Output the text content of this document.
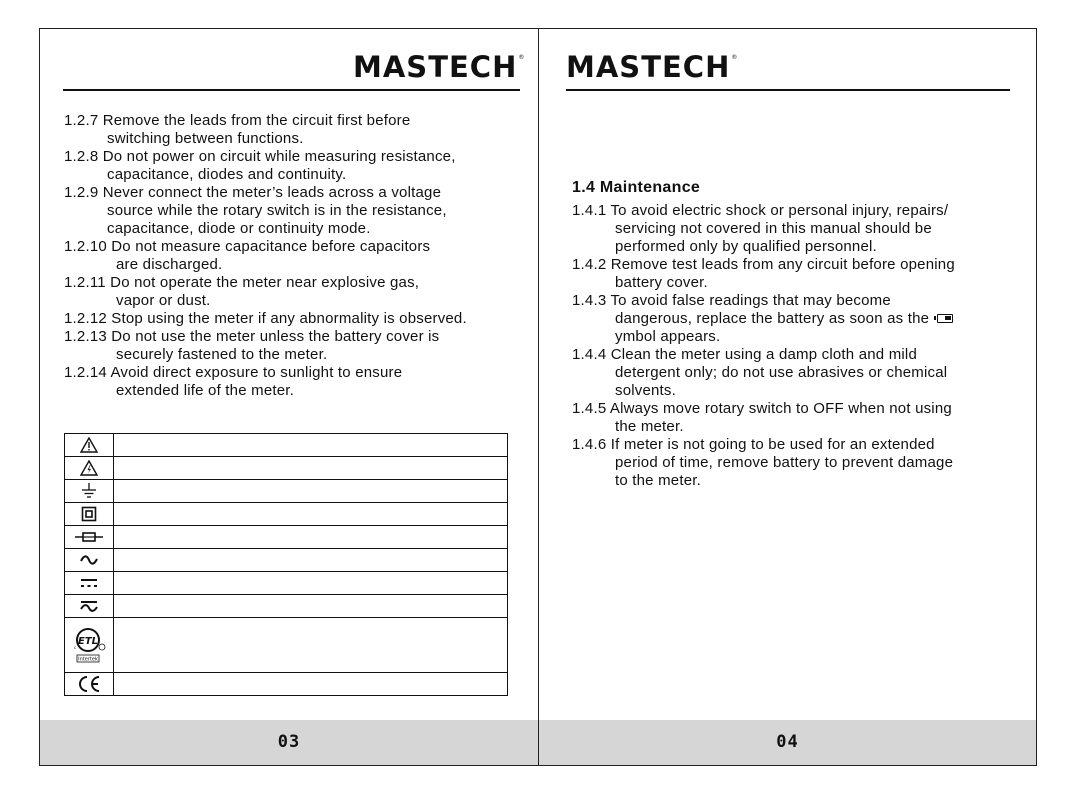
MASTECH®
1.2.7 Remove the leads from the circuit first before
switching between functions.
1.2.8 Do not power on circuit while measuring resistance,
capacitance, diodes and continuity.
1.2.9 Never connect the meter’s leads across a voltage
source while the rotary switch is in the resistance,
capacitance, diode or continuity mode.
1.2.10 Do not measure capacitance before capacitors
are discharged.
1.2.11 Do not operate the meter near explosive gas,
vapor or dust.
1.2.12 Stop using the meter if any abnormality is observed.
1.2.13 Do not use the meter unless the battery cover is
securely fastened to the meter.
1.2.14 Avoid direct exposure to sunlight to ensure
extended life of the meter.

ETL
c
Intertek	

03
MASTECH®
1.4 Maintenance
1.4.1 To avoid electric shock or personal injury, repairs/
servicing not covered in this manual should be
performed only by qualified personnel.
1.4.2 Remove test leads from any circuit before opening
battery cover.
1.4.3 To avoid false readings that may become
dangerous, replace the battery as soon as the
ymbol appears.
1.4.4 Clean the meter using a damp cloth and mild
detergent only; do not use abrasives or chemical
solvents.
1.4.5 Always move rotary switch to OFF when not using
the meter.
1.4.6 If meter is not going to be used for an extended
period of time, remove battery to prevent damage
to the meter.
04
